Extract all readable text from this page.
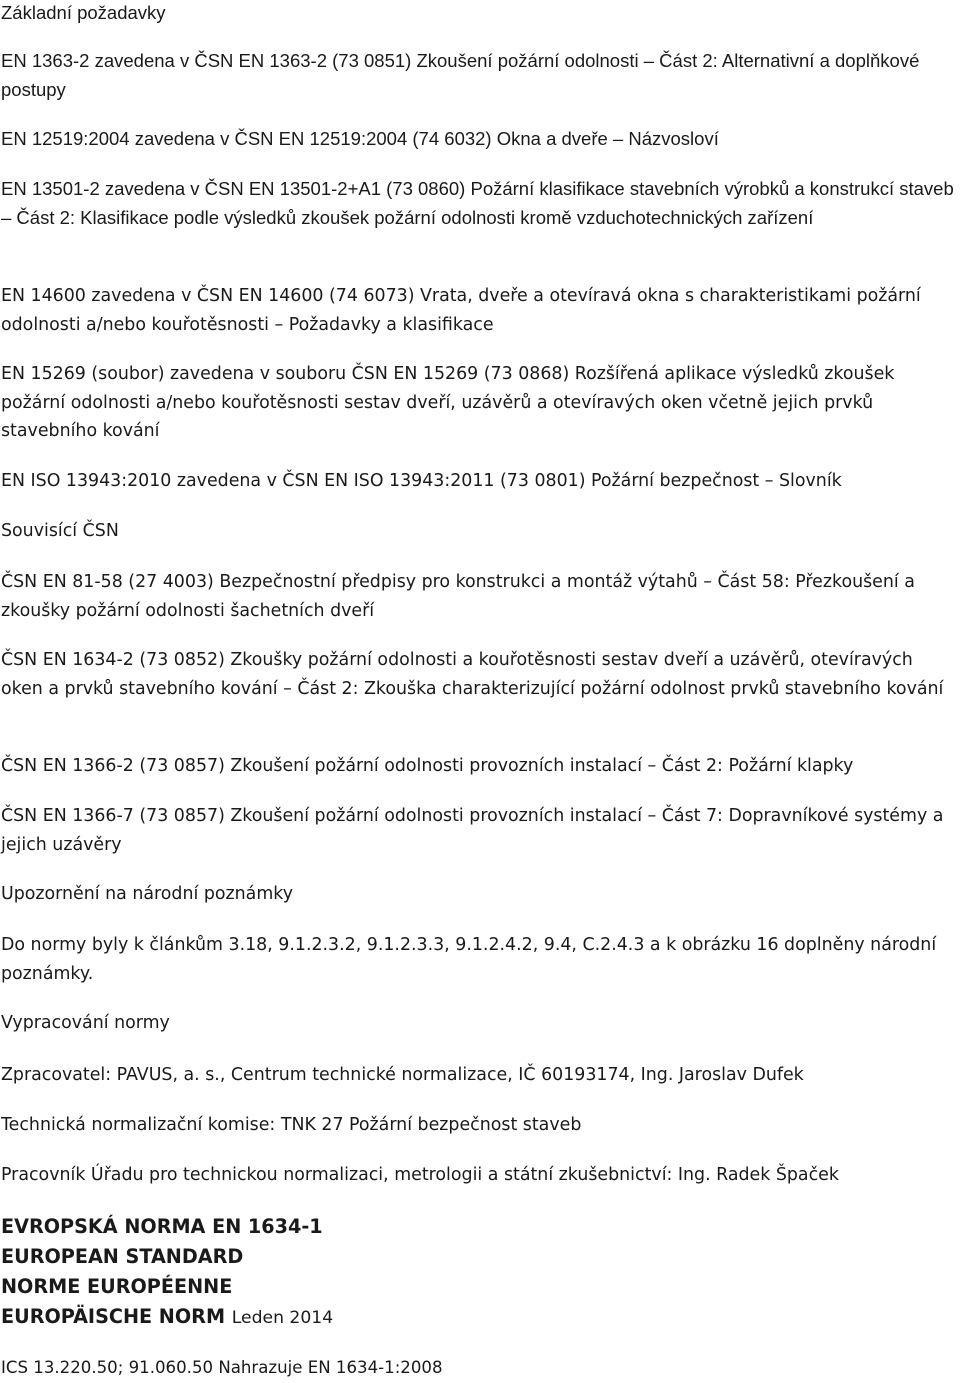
Základní požadavky

EN 1363-2 zavedena v ČSN EN 1363-2 (73 0851) Zkoušení požární odolnosti – Část 2: Alternativní a doplňkové postupy

EN 12519:2004 zavedena v ČSN EN 12519:2004 (74 6032) Okna a dveře – Názvosloví

EN 13501-2 zavedena v ČSN EN 13501-2+A1 (73 0860) Požární klasifikace stavebních výrobků a konstrukcí staveb – Část 2: Klasifikace podle výsledků zkoušek požární odolnosti kromě vzduchotechnických zařízení

EN 14600 zavedena v ČSN EN 14600 (74 6073) Vrata, dveře a otevíravá okna s charakteristikami požární odolnosti a/nebo kouřotěsnosti – Požadavky a klasifikace

EN 15269 (soubor) zavedena v souboru ČSN EN 15269 (73 0868) Rozšířená aplikace výsledků zkoušek požární odolnosti a/nebo kouřotěsnosti sestav dveří, uzávěrů a otevíravých oken včetně jejich prvků stavebního kování

EN ISO 13943:2010 zavedena v ČSN EN ISO 13943:2011 (73 0801) Požární bezpečnost – Slovník

Souvisící ČSN

ČSN EN 81-58 (27 4003) Bezpečnostní předpisy pro konstrukci a montáž výtahů – Část 58: Přezkoušení a zkoušky požární odolnosti šachetních dveří

ČSN EN 1634-2 (73 0852) Zkoušky požární odolnosti a kouřotěsnosti sestav dveří a uzávěrů, otevíravých oken a prvků stavebního kování – Část 2: Zkouška charakterizující požární odolnost prvků stavebního kování

ČSN EN 1366-2 (73 0857) Zkoušení požární odolnosti provozních instalací – Část 2: Požární klapky

ČSN EN 1366-7 (73 0857) Zkoušení požární odolnosti provozních instalací – Část 7: Dopravníkové systémy a jejich uzávěry

Upozornění na národní poznámky

Do normy byly k článkům 3.18, 9.1.2.3.2, 9.1.2.3.3, 9.1.2.4.2, 9.4, C.2.4.3 a k obrázku 16 doplněny národní poznámky.

Vypracování normy

Zpracovatel: PAVUS, a. s., Centrum technické normalizace, IČ 60193174, Ing. Jaroslav Dufek

Technická normalizační komise: TNK 27 Požární bezpečnost staveb

Pracovník Úřadu pro technickou normalizaci, metrologii a státní zkušebnictví: Ing. Radek Špaček

EVROPSKÁ NORMA EN 1634-1

EUROPEAN STANDARD

NORME EUROPÉENNE

EUROPÄISCHE NORM Leden 2014

ICS 13.220.50; 91.060.50 Nahrazuje EN 1634-1:2008
